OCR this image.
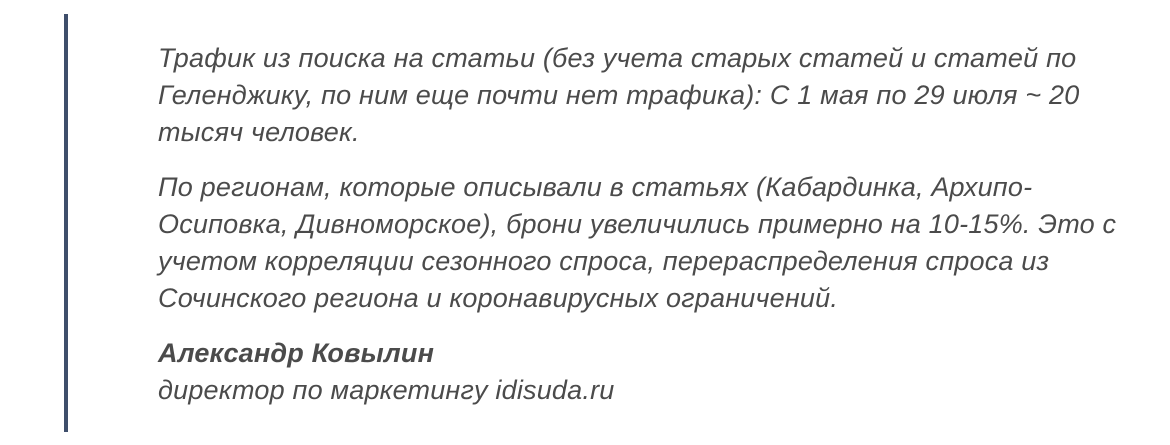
Трафик из поиска на статьи (без учета старых статей и статей по Геленджику, по ним еще почти нет трафика): С 1 мая по 29 июля ~ 20 тысяч человек.

По регионам, которые описывали в статьях (Кабардинка, Архипо-Осиповка, Дивноморское), брони увеличились примерно на 10-15%. Это с учетом корреляции сезонного спроса, перераспределения спроса из Сочинского региона и коронавирусных ограничений.

Александр Ковылин
директор по маркетингу idisuda.ru
